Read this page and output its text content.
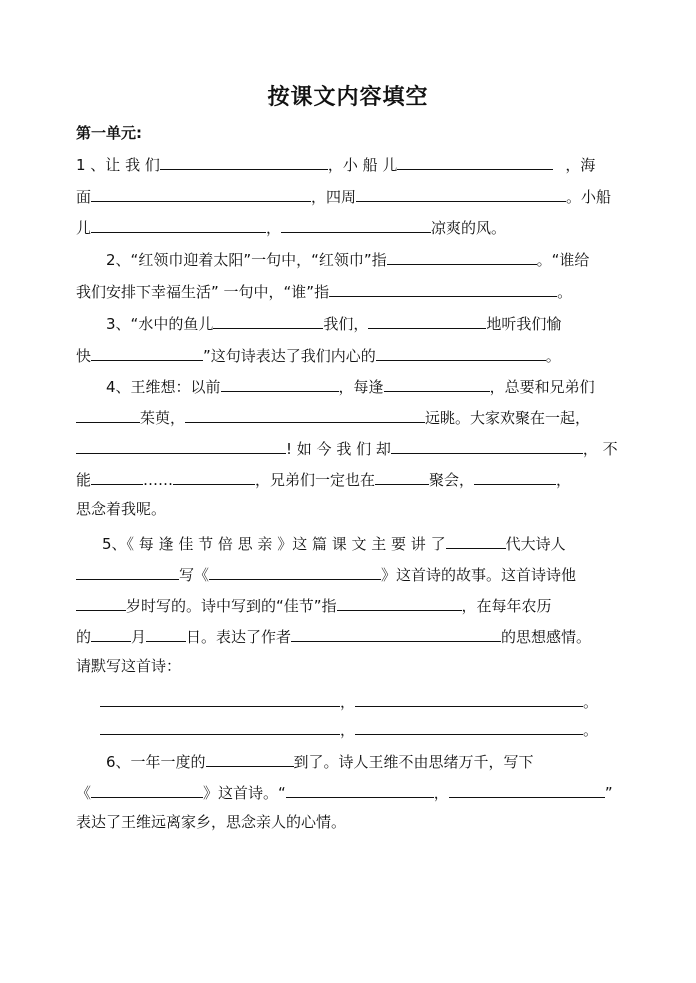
按课文内容填空
第一单元:
1 、让 我 们	，小 船 儿	，海
面	，四周	。小船
儿	，	凉爽的风。
2、“红领巾迎着太阳”一句中，“红领巾”指	。“谁给
我们安排下幸福生活” 一句中，“谁”指	。
3、“水中的鱼儿	我们，	地听我们愉
快	”这句诗表达了我们内心的	。
4、王维想：以前	，每逢	，总要和兄弟们
茱萸，	远眺。大家欢聚在一起，
! 如 今 我 们 却	， 不
能	……	，兄弟们一定也在	聚会，	，
思念着我呢。
5、《 每 逢 佳 节 倍 思 亲 》这 篇 课 文 主 要 讲 了	代大诗人
写《	》这首诗的故事。这首诗诗他
岁时写的。诗中写到的“佳节”指	，在每年农历
的	月	日。表达了作者	的思想感情。
请默写这首诗：
，	。
，	。
6、一年一度的	到了。诗人王维不由思绪万千，写下
《	》这首诗。“	，	”
表达了王维远离家乡，思念亲人的心情。
